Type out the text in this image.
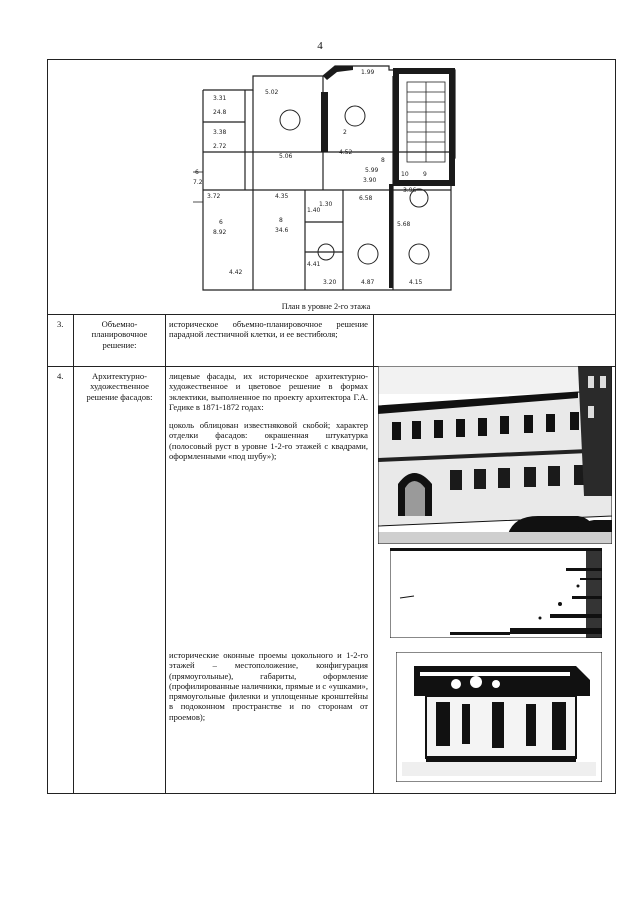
4
5.02
3.31
24.8
3.38
2.72
5.06
1.99
2
5.99
3.90
4.52
8
9
10
3.72
6
8.92
4.35
34.6
8
4.42
1.40
1.30
3.20
4.41
6.58
3.96
4.87	4.15
5.68
7.2
6
План в уровне 2-го этажа
3.	Объемно-планировочное решение:

историческое объемно-планировочное решение парадной лестничной клетки, и ее вестибюля;

4.	Архитектурно-художественное решение фасадов:

лицевые фасады, их историческое архитектурно-художественное и цветовое решение в формах эклектики, выполненное по проекту архитектора Г.А. Гедике в 1871-1872 годах:

цоколь облицован известняковой скобой; характер отделки фасадов: окрашенная штукатурка (полосовый руст в уровне 1-2-го этажей с квадрами, оформленными «под шубу»);

исторические оконные проемы цокольного и 1-2-го этажей – местоположение, конфигурация (прямоугольные), габариты, оформление (профилированные наличники, прямые и с «ушками», прямоугольные филенки и уплощенные кронштейны в подоконном пространстве и по сторонам от проемов);
